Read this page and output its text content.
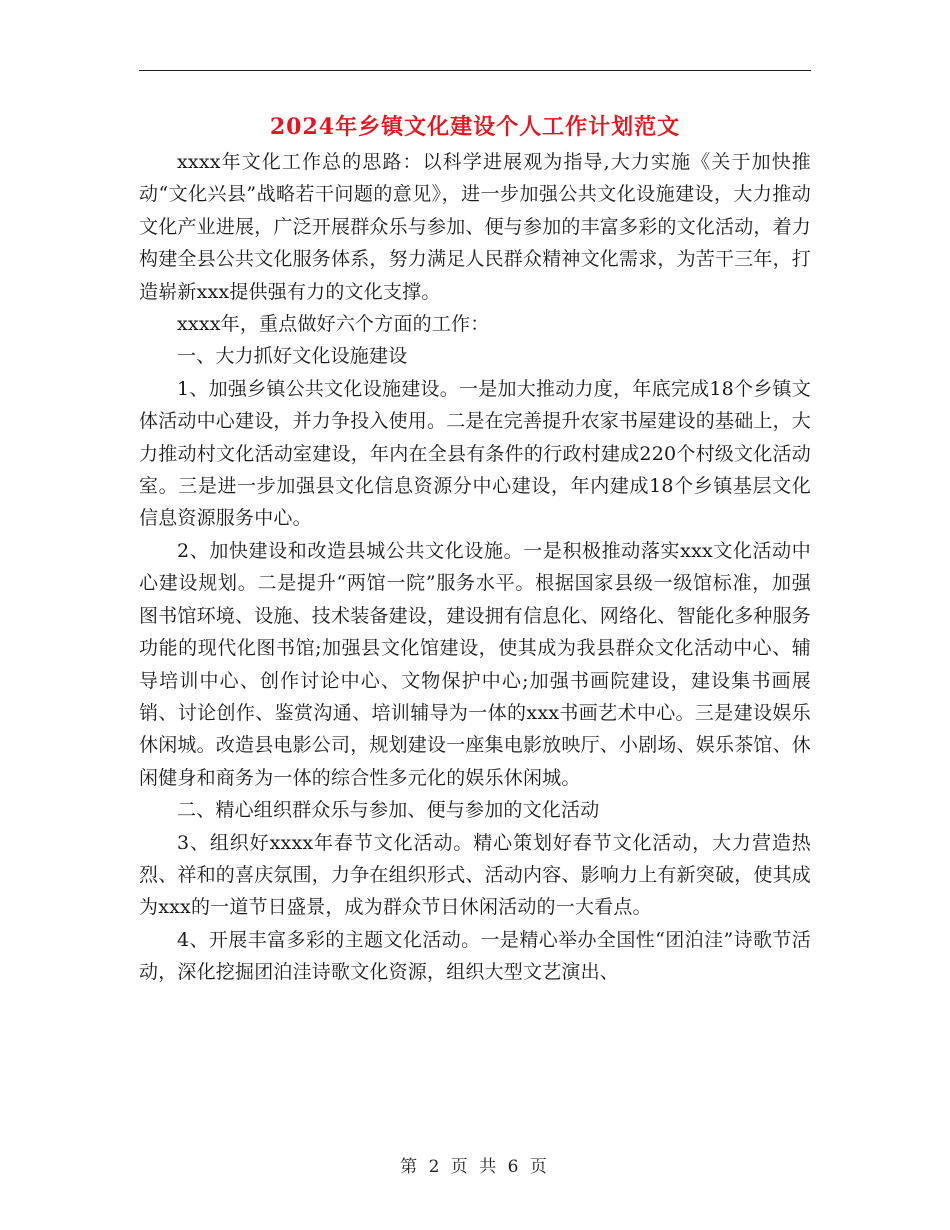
2024年乡镇文化建设个人工作计划范文

xxxx年文化工作总的思路：以科学进展观为指导,大力实施《关于加快推动“文化兴县”战略若干问题的意见》，进一步加强公共文化设施建设，大力推动文化产业进展，广泛开展群众乐与参加、便与参加的丰富多彩的文化活动，着力构建全县公共文化服务体系，努力满足人民群众精神文化需求，为苦干三年，打造崭新xxx提供强有力的文化支撑。

xxxx年，重点做好六个方面的工作：

一、大力抓好文化设施建设

1、加强乡镇公共文化设施建设。一是加大推动力度，年底完成18个乡镇文体活动中心建设，并力争投入使用。二是在完善提升农家书屋建设的基础上，大力推动村文化活动室建设，年内在全县有条件的行政村建成220个村级文化活动室。三是进一步加强县文化信息资源分中心建设，年内建成18个乡镇基层文化信息资源服务中心。

2、加快建设和改造县城公共文化设施。一是积极推动落实xxx文化活动中心建设规划。二是提升“两馆一院”服务水平。根据国家县级一级馆标准，加强图书馆环境、设施、技术装备建设，建设拥有信息化、网络化、智能化多种服务功能的现代化图书馆;加强县文化馆建设，使其成为我县群众文化活动中心、辅导培训中心、创作讨论中心、文物保护中心;加强书画院建设，建设集书画展销、讨论创作、鉴赏沟通、培训辅导为一体的xxx书画艺术中心。三是建设娱乐休闲城。改造县电影公司，规划建设一座集电影放映厅、小剧场、娱乐茶馆、休闲健身和商务为一体的综合性多元化的娱乐休闲城。

二、精心组织群众乐与参加、便与参加的文化活动

3、组织好xxxx年春节文化活动。精心策划好春节文化活动，大力营造热烈、祥和的喜庆氛围，力争在组织形式、活动内容、影响力上有新突破，使其成为xxx的一道节日盛景，成为群众节日休闲活动的一大看点。

4、开展丰富多彩的主题文化活动。一是精心举办全国性“团泊洼”诗歌节活动，深化挖掘团泊洼诗歌文化资源，组织大型文艺演出、

第 2 页 共 6 页
